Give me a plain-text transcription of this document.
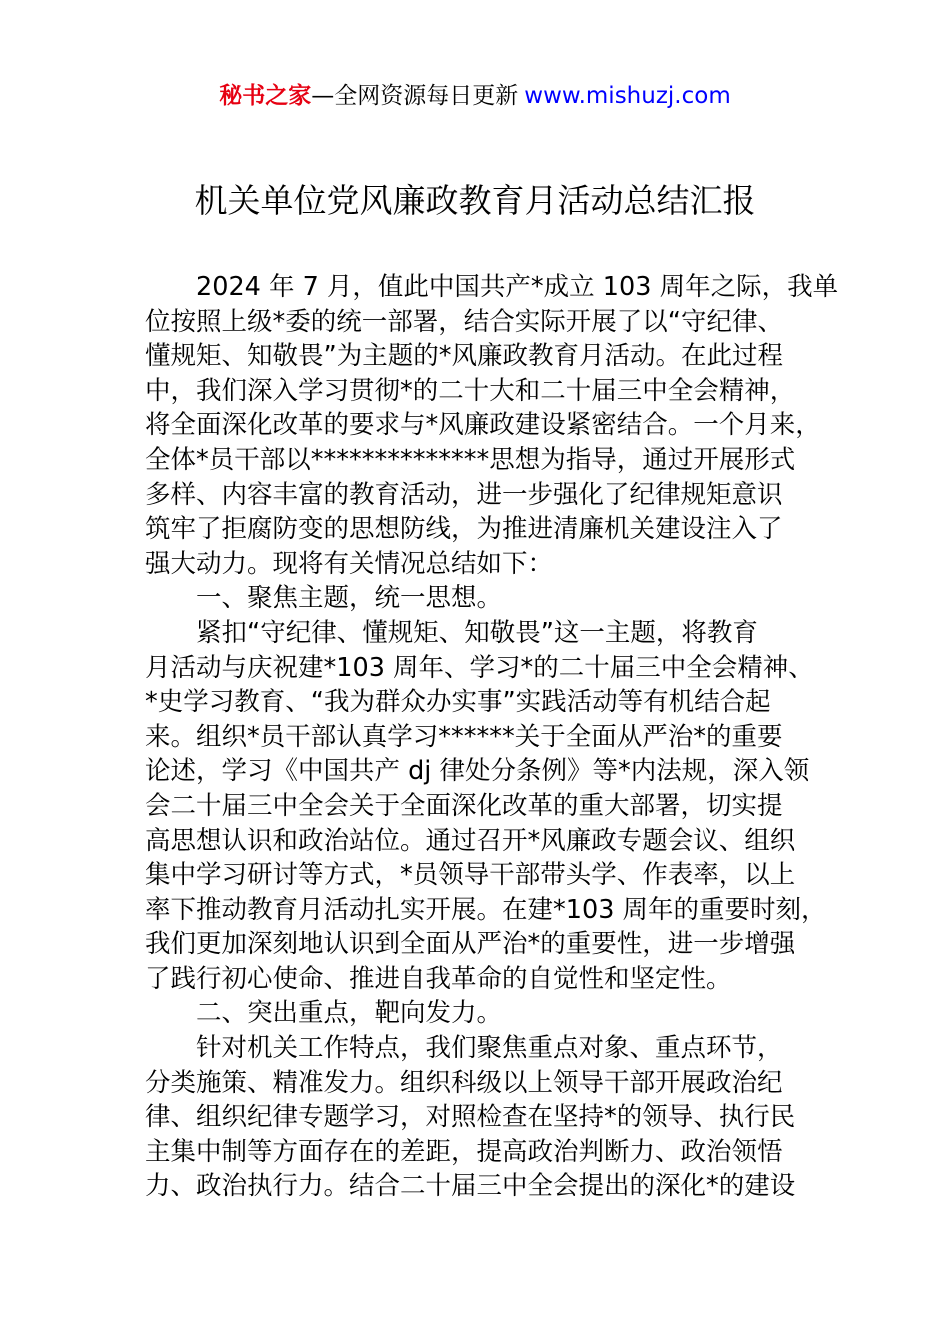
秘书之家—全网资源每日更新 www.mishuzj.com
机关单位党风廉政教育月活动总结汇报
2024 年 7 月，值此中国共产*成立 103 周年之际，我单
位按照上级*委的统一部署，结合实际开展了以“守纪律、
懂规矩、知敬畏”为主题的*风廉政教育月活动。在此过程
中，我们深入学习贯彻*的二十大和二十届三中全会精神，
将全面深化改革的要求与*风廉政建设紧密结合。一个月来，
全体*员干部以**************思想为指导，通过开展形式
多样、内容丰富的教育活动，进一步强化了纪律规矩意识
筑牢了拒腐防变的思想防线，为推进清廉机关建设注入了
强大动力。现将有关情况总结如下：
一、聚焦主题，统一思想。
紧扣“守纪律、懂规矩、知敬畏”这一主题，将教育
月活动与庆祝建*103 周年、学习*的二十届三中全会精神、
*史学习教育、“我为群众办实事”实践活动等有机结合起
来。组织*员干部认真学习******关于全面从严治*的重要
论述，学习《中国共产 dj 律处分条例》等*内法规，深入领
会二十届三中全会关于全面深化改革的重大部署，切实提
高思想认识和政治站位。通过召开*风廉政专题会议、组织
集中学习研讨等方式，*员领导干部带头学、作表率，以上
率下推动教育月活动扎实开展。在建*103 周年的重要时刻，
我们更加深刻地认识到全面从严治*的重要性，进一步增强
了践行初心使命、推进自我革命的自觉性和坚定性。
二、突出重点，靶向发力。
针对机关工作特点，我们聚焦重点对象、重点环节，
分类施策、精准发力。组织科级以上领导干部开展政治纪
律、组织纪律专题学习，对照检查在坚持*的领导、执行民
主集中制等方面存在的差距，提高政治判断力、政治领悟
力、政治执行力。结合二十届三中全会提出的深化*的建设
